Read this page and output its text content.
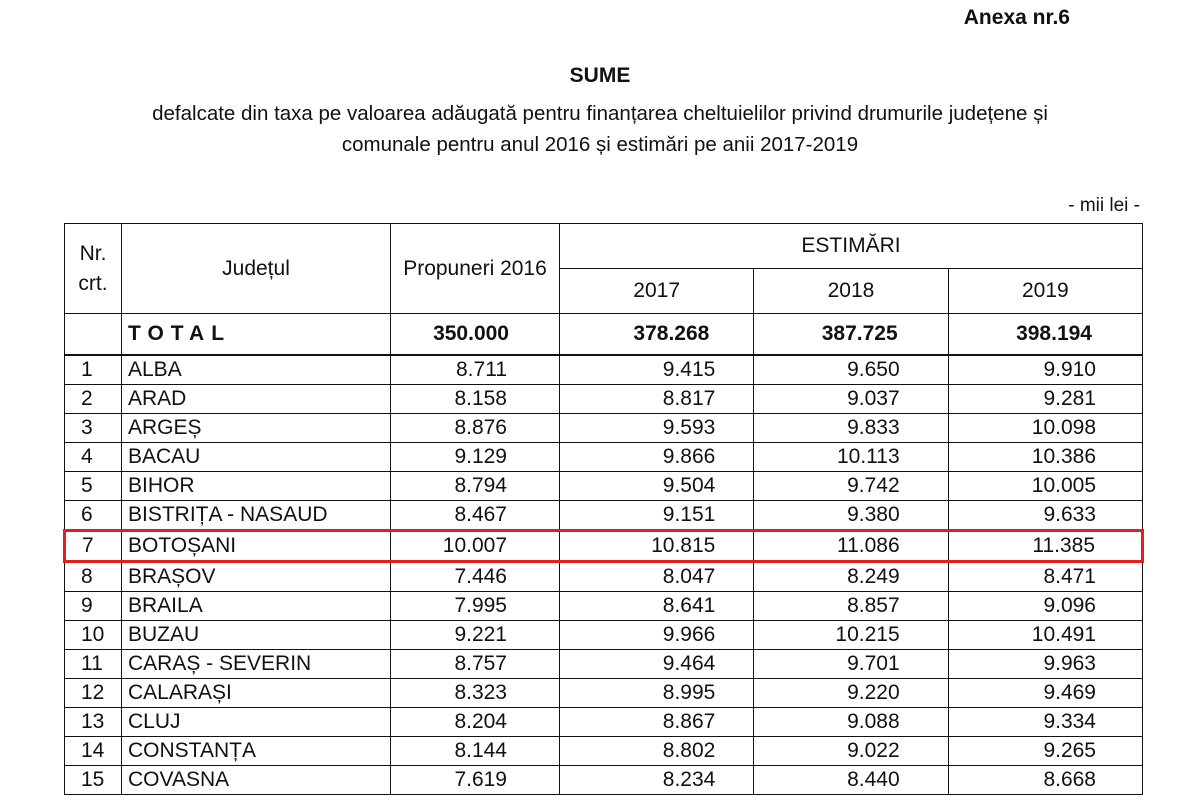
Anexa nr.6
SUME
defalcate din taxa pe valoarea adăugată pentru finanțarea cheltuielilor privind drumurile județene și
comunale pentru anul 2016 și estimări pe anii 2017-2019
- mii lei -
Nr. crt.	Județul	Propuneri 2016	ESTIMĂRI		
			2017	2018	2019
	TOTAL	350.000	378.268	387.725	398.194
1	ALBA	8.711	9.415	9.650	9.910
2	ARAD	8.158	8.817	9.037	9.281
3	ARGEȘ	8.876	9.593	9.833	10.098
4	BACAU	9.129	9.866	10.113	10.386
5	BIHOR	8.794	9.504	9.742	10.005
6	BISTRIȚA - NASAUD	8.467	9.151	9.380	9.633
7	BOTOȘANI	10.007	10.815	11.086	11.385
8	BRAȘOV	7.446	8.047	8.249	8.471
9	BRAILA	7.995	8.641	8.857	9.096
10	BUZAU	9.221	9.966	10.215	10.491
11	CARAȘ - SEVERIN	8.757	9.464	9.701	9.963
12	CALARAȘI	8.323	8.995	9.220	9.469
13	CLUJ	8.204	8.867	9.088	9.334
14	CONSTANȚA	8.144	8.802	9.022	9.265
15	COVASNA	7.619	8.234	8.440	8.668
